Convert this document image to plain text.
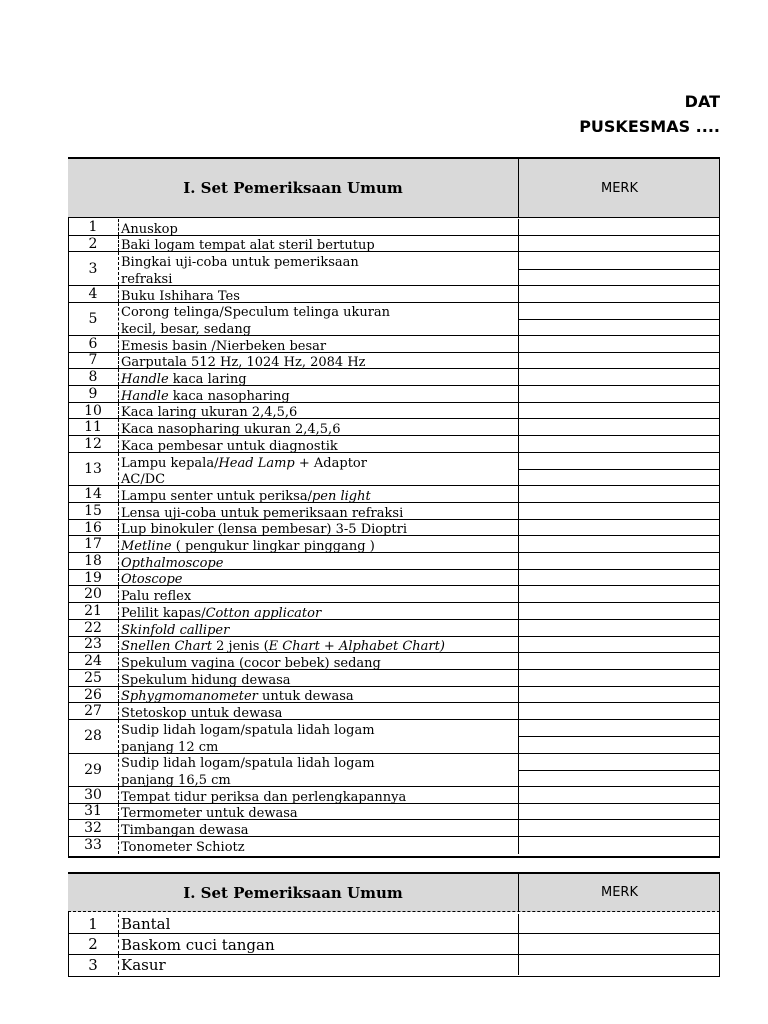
DAT
PUSKESMAS ....
I. Set Pemeriksaan Umum	MERK
1	Anuskop
2	Baki logam tempat alat steril bertutup
3	Bingkai uji-coba untuk pemeriksaan
refraksi
4	Buku Ishihara Tes
5	Corong telinga/Speculum telinga ukuran
kecil, besar, sedang
6	Emesis basin /Nierbeken besar
7	Garputala 512 Hz, 1024 Hz, 2084 Hz
8	Handle kaca laring
9	Handle kaca nasopharing
10	Kaca laring ukuran 2,4,5,6
11	Kaca nasopharing ukuran 2,4,5,6
12	Kaca pembesar untuk diagnostik
13	Lampu kepala/Head Lamp + Adaptor
AC/DC
14	Lampu senter untuk periksa/pen light
15	Lensa uji-coba untuk pemeriksaan refraksi
16	Lup binokuler (lensa pembesar) 3-5 Dioptri
17	Metline ( pengukur lingkar pinggang )
18	Opthalmoscope
19	Otoscope
20	Palu reflex
21	Pelilit kapas/Cotton applicator
22	Skinfold calliper
23	Snellen Chart 2 jenis (E Chart + Alphabet Chart)
24	Spekulum vagina (cocor bebek) sedang
25	Spekulum hidung dewasa
26	Sphygmomanometer untuk dewasa
27	Stetoskop untuk dewasa
28	Sudip lidah logam/spatula lidah logam
panjang 12 cm
29	Sudip lidah logam/spatula lidah logam
panjang 16,5 cm
30	Tempat tidur periksa dan perlengkapannya
31	Termometer untuk dewasa
32	Timbangan dewasa
33	Tonometer Schiotz
I. Set Pemeriksaan Umum	MERK
1	Bantal
2	Baskom cuci tangan
3	Kasur
